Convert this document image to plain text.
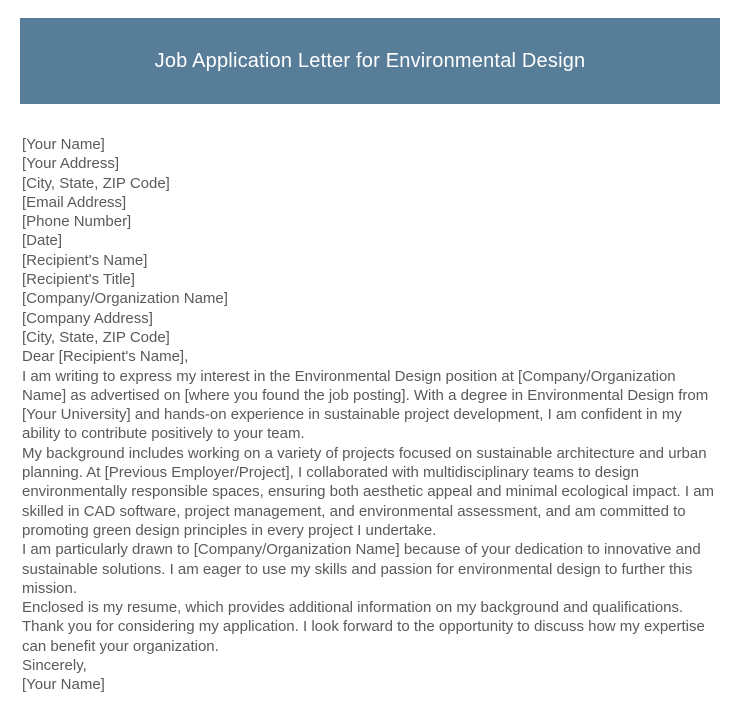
Job Application Letter for Environmental Design
[Your Name]
[Your Address]
[City, State, ZIP Code]
[Email Address]
[Phone Number]
[Date]
[Recipient's Name]
[Recipient's Title]
[Company/Organization Name]
[Company Address]
[City, State, ZIP Code]
Dear [Recipient's Name],
I am writing to express my interest in the Environmental Design position at [Company/Organization Name] as advertised on [where you found the job posting]. With a degree in Environmental Design from [Your University] and hands-on experience in sustainable project development, I am confident in my ability to contribute positively to your team.
My background includes working on a variety of projects focused on sustainable architecture and urban planning. At [Previous Employer/Project], I collaborated with multidisciplinary teams to design environmentally responsible spaces, ensuring both aesthetic appeal and minimal ecological impact. I am skilled in CAD software, project management, and environmental assessment, and am committed to promoting green design principles in every project I undertake.
I am particularly drawn to [Company/Organization Name] because of your dedication to innovative and sustainable solutions. I am eager to use my skills and passion for environmental design to further this mission.
Enclosed is my resume, which provides additional information on my background and qualifications. Thank you for considering my application. I look forward to the opportunity to discuss how my expertise can benefit your organization.
Sincerely,
[Your Name]
